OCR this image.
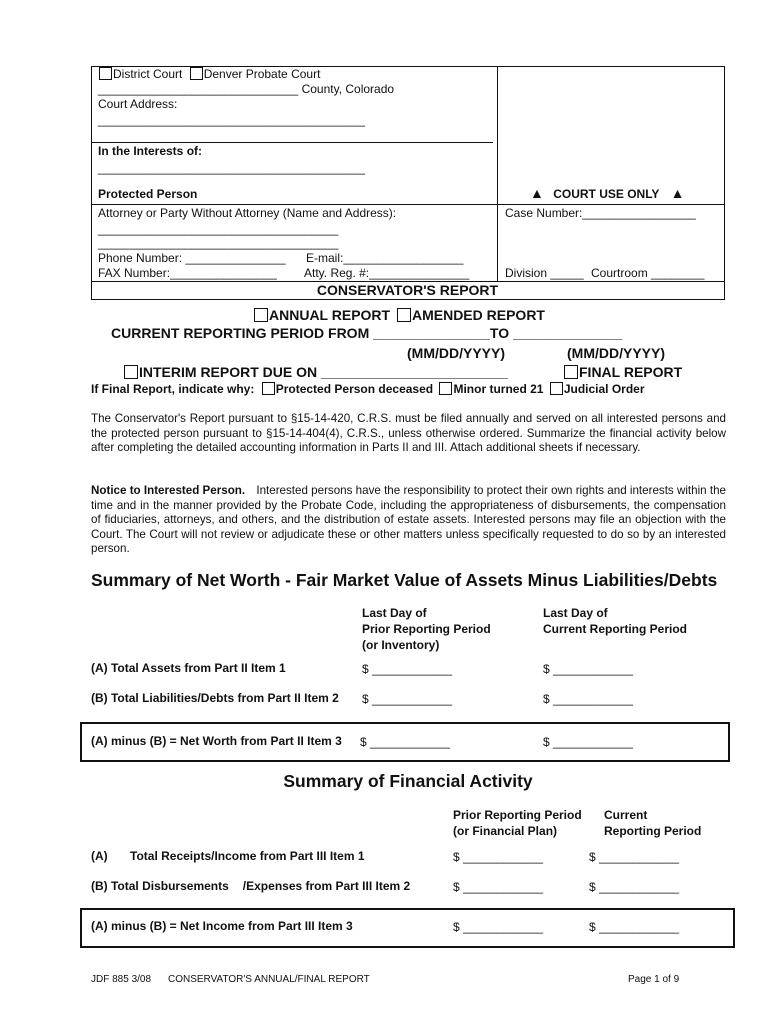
District Court Denver Probate Court
______________________________ County, Colorado
Court Address:
________________________________________
In the Interests of:
________________________________________
Protected Person	▲ COURT USE ONLY ▲
Attorney or Party Without Attorney (Name and Address):
____________________________________
____________________________________
Phone Number: _______________ E-mail:__________________
FAX Number:________________ Atty. Reg. #:_______________
Case Number:_________________
Division _____ Courtroom ________
CONSERVATOR'S REPORT
ANNUAL REPORT AMENDED REPORT
CURRENT REPORTING PERIOD FROM _______________TO ______________
(MM/DD/YYYY)	(MM/DD/YYYY)
INTERIM REPORT DUE ON ________________________	FINAL REPORT
If Final Report, indicate why: Protected Person deceased Minor turned 21 Judicial Order
The Conservator's Report pursuant to §15-14-420, C.R.S. must be filed annually and served on all interested persons and the protected person pursuant to §15-14-404(4), C.R.S., unless otherwise ordered. Summarize the financial activity below after completing the detailed accounting information in Parts II and III. Attach additional sheets if necessary.
Notice to Interested Person. Interested persons have the responsibility to protect their own rights and interests within the time and in the manner provided by the Probate Code, including the appropriateness of disbursements, the compensation of fiduciaries, attorneys, and others, and the distribution of estate assets. Interested persons may file an objection with the Court. The Court will not review or adjudicate these or other matters unless specifically requested to do so by an interested person.
Summary of Net Worth - Fair Market Value of Assets Minus Liabilities/Debts
Last Day of
Prior Reporting Period
(or Inventory)
Last Day of
Current Reporting Period
(A) Total Assets from Part II Item 1	$ ____________	$ ____________
(B) Total Liabilities/Debts from Part II Item 2 $ ____________	$ ____________
(A) minus (B) = Net Worth from Part II Item 3 $ ____________	$ ____________
Summary of Financial Activity
Prior Reporting Period
(or Financial Plan)
Current
Reporting Period
(A) Total Receipts/Income from Part III Item 1	$ ____________	$ ____________
(B) Total Disbursements /Expenses from Part III Item 2	$ ____________	$ ____________
(A) minus (B) = Net Income from Part III Item 3	$ ____________	$ ____________
JDF 885 3/08 CONSERVATOR'S ANNUAL/FINAL REPORT	Page 1 of 9
